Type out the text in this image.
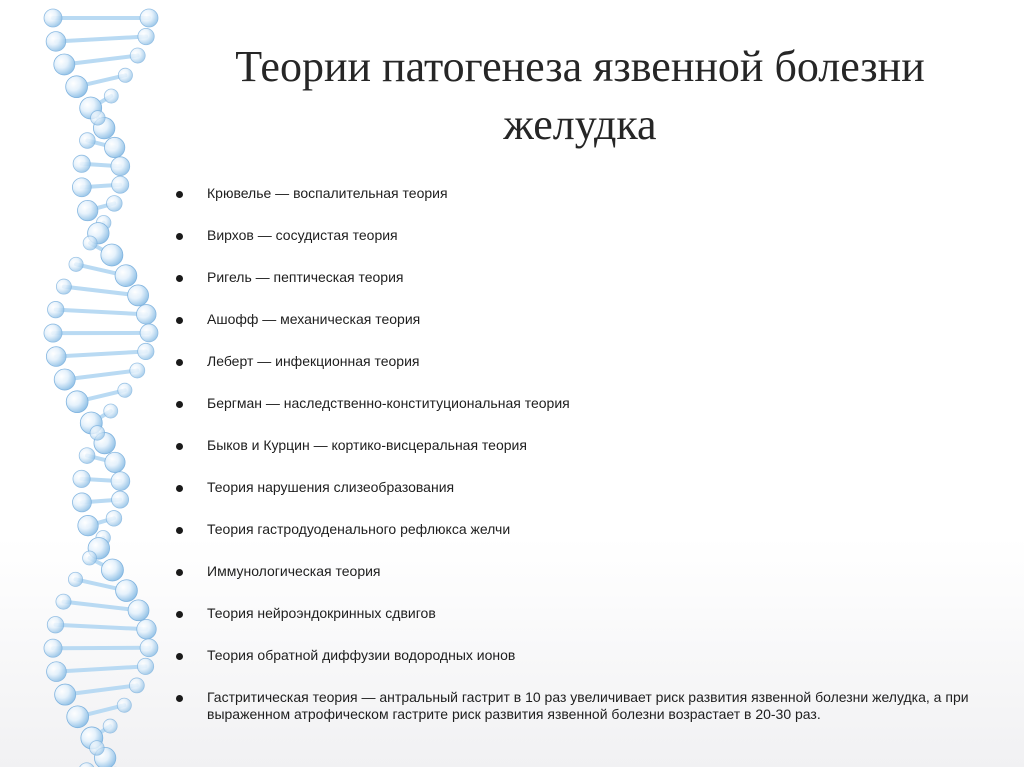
Теории патогенеза язвенной болезни
желудка
Крювелье — воспалительная теория
Вирхов — сосудистая теория
Ригель — пептическая теория
Ашофф — механическая теория
Леберт — инфекционная теория
Бергман — наследственно-конституциональная теория
Быков и Курцин — кортико-висцеральная теория
Теория нарушения слизеобразования
Теория гастродуоденального рефлюкса желчи
Иммунологическая теория
Теория нейроэндокринных сдвигов
Теория обратной диффузии водородных ионов
Гастритическая теория — антральный гастрит в 10 раз увеличивает риск развития язвенной болезни желудка, а при выраженном атрофическом гастрите риск развития язвенной болезни возрастает в 20-30 раз.
